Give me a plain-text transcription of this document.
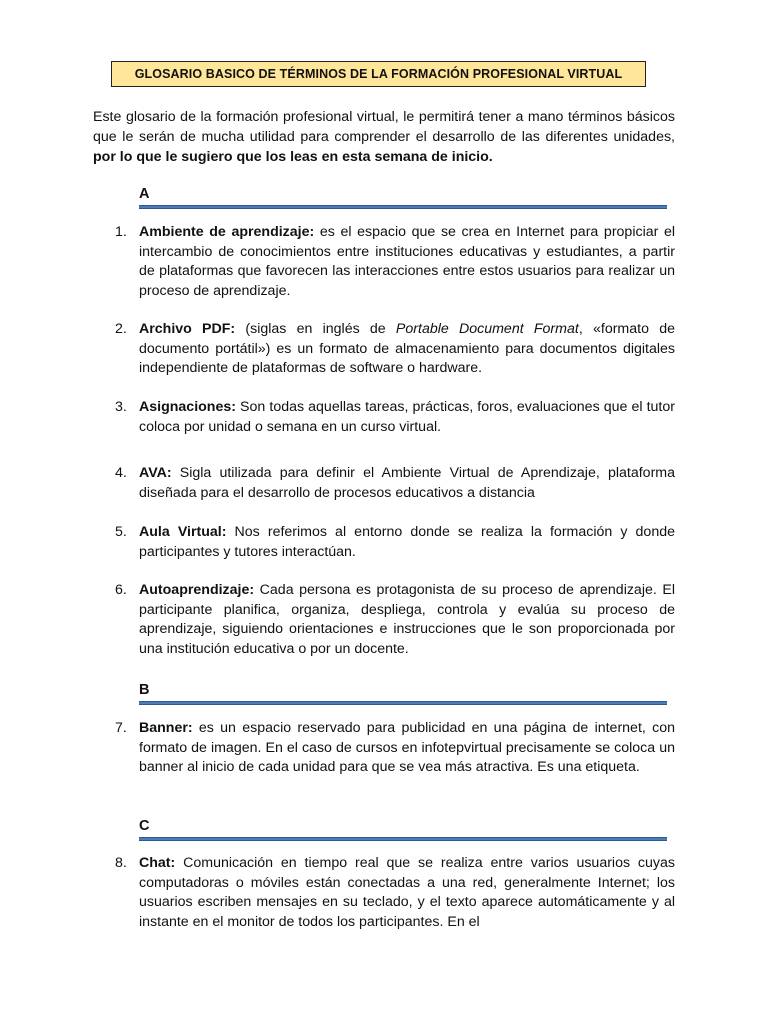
GLOSARIO BASICO DE TÉRMINOS DE LA FORMACIÓN PROFESIONAL VIRTUAL
Este glosario de la formación profesional virtual, le permitirá tener a mano términos básicos que le serán de mucha utilidad para comprender el desarrollo de las diferentes unidades, por lo que le sugiero que los leas en esta semana de inicio.
A
1. Ambiente de aprendizaje: es el espacio que se crea en Internet para propiciar el intercambio de conocimientos entre instituciones educativas y estudiantes, a partir de plataformas que favorecen las interacciones entre estos usuarios para realizar un proceso de aprendizaje.
2. Archivo PDF: (siglas en inglés de Portable Document Format, «formato de documento portátil») es un formato de almacenamiento para documentos digitales independiente de plataformas de software o hardware.
3. Asignaciones: Son todas aquellas tareas, prácticas, foros, evaluaciones que el tutor coloca por unidad o semana en un curso virtual.
4. AVA: Sigla utilizada para definir el Ambiente Virtual de Aprendizaje, plataforma diseñada para el desarrollo de procesos educativos a distancia
5. Aula Virtual: Nos referimos al entorno donde se realiza la formación y donde participantes y tutores interactúan.
6. Autoaprendizaje: Cada persona es protagonista de su proceso de aprendizaje. El participante planifica, organiza, despliega, controla y evalúa su proceso de aprendizaje, siguiendo orientaciones e instrucciones que le son proporcionada por una institución educativa o por un docente.
B
7. Banner: es un espacio reservado para publicidad en una página de internet, con formato de imagen. En el caso de cursos en infotepvirtual precisamente se coloca un banner al inicio de cada unidad para que se vea más atractiva. Es una etiqueta.
C
8. Chat: Comunicación en tiempo real que se realiza entre varios usuarios cuyas computadoras o móviles están conectadas a una red, generalmente Internet; los usuarios escriben mensajes en su teclado, y el texto aparece automáticamente y al instante en el monitor de todos los participantes. En el
